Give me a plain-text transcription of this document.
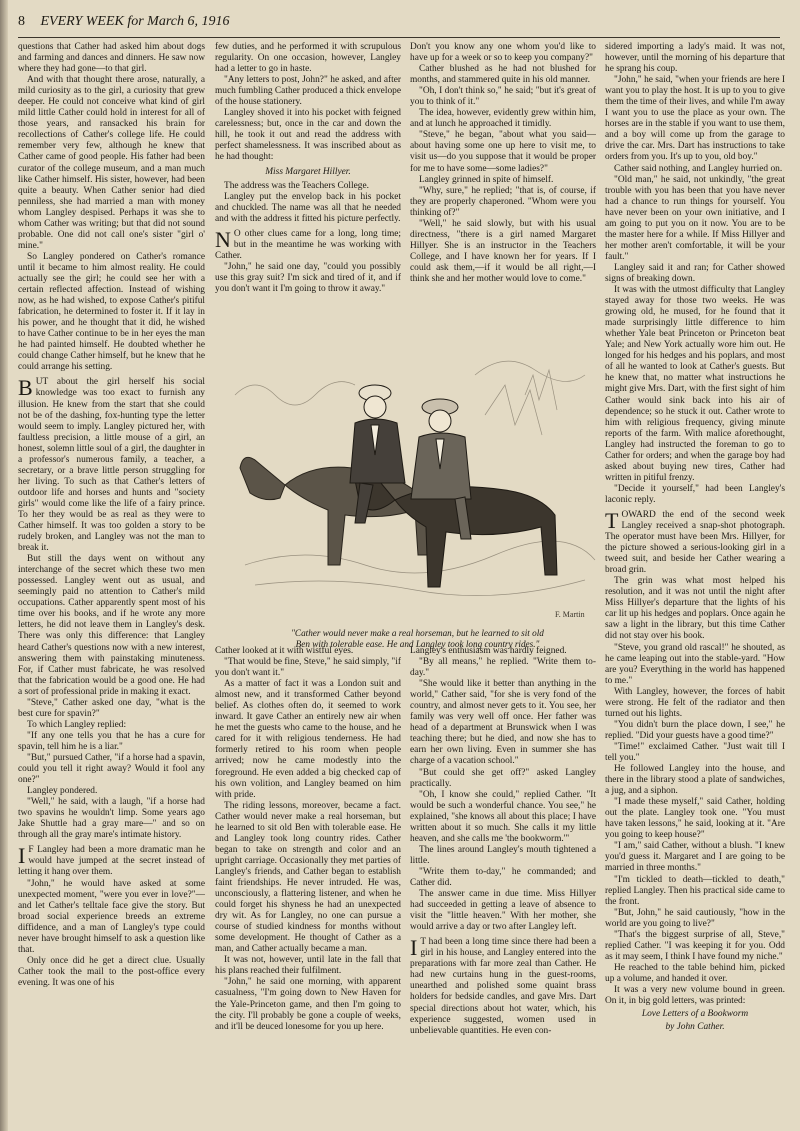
8 EVERY WEEK for March 6, 1916

questions that Cather had asked him about dogs and farming and dances and dinners. He saw now where they had gone—to that girl.

And with that thought there arose, naturally, a mild curiosity as to the girl, a curiosity that grew deeper. He could not conceive what kind of girl mild little Cather could hold in interest for all of those years, and ransacked his brain for recollections of Cather's college life. He could remember very few, although he knew that Cather came of good people. His father had been curator of the college museum, and a man much like Cather himself. His sister, however, had been quite a beauty. When Cather senior had died penniless, she had married a man with money whom Langley despised. Perhaps it was she to whom Cather was writing; but that did not sound probable. One did not call one's sister "girl o' mine."

So Langley pondered on Cather's romance until it became to him almost reality. He could actually see the girl; he could see her with a certain reflected affection. Instead of wishing now, as he had wished, to expose Cather's pitiful fabrication, he determined to foster it. If it lay in his power, and he thought that it did, he wished to have Cather continue to be in her eyes the man he had painted himself. He doubted whether he could change Cather himself, but he knew that he could arrange his setting.

BUT about the girl herself his social knowledge was too exact to furnish any illusion. He knew from the start that she could not be of the dashing, fox-hunting type the letter would seem to imply. Langley pictured her, with faultless precision, a little mouse of a girl, an honest, solemn little soul of a girl, the daughter in a professor's numerous family, a teacher, a secretary, or a brave little person struggling for her living. To such as that Cather's letters of outdoor life and horses and hunts and "society girls" would come like the life of a fairy prince. To her they would be as real as they were to Cather himself. It was too golden a story to be rudely broken, and Langley was not the man to break it.

But still the days went on without any interchange of the secret which these two men possessed. Langley went out as usual, and seemingly paid no attention to Cather's mild occupations. Cather apparently spent most of his time over his books, and if he wrote any more letters, he did not leave them in Langley's desk. There was only this difference: that Langley heard Cather's questions now with a new interest, answering them with painstaking minuteness. For, if Cather must fabricate, he was resolved that the fabrication would be a good one. He had a sort of professional pride in making it exact.

"Steve," Cather asked one day, "what is the best cure for spavin?"

To which Langley replied:

"If any one tells you that he has a cure for spavin, tell him he is a liar."

"But," pursued Cather, "if a horse had a spavin, could you tell it right away? Would it fool any one?"

Langley pondered.

"Well," he said, with a laugh, "if a horse had two spavins he wouldn't limp. Some years ago Jake Shuttle had a gray mare—" and so on through all the gray mare's intimate history.

I F Langley had been a more dramatic man he would have jumped at the secret instead of letting it hang over them.

"John," he would have asked at some unexpected moment, "were you ever in love?"—and let Cather's telltale face give the story. But broad social experience breeds an extreme diffidence, and a man of Langley's type could never have brought himself to ask a question like that.

Only once did he get a direct clue. Usually Cather took the mail to the post-office every evening. It was one of his

few duties, and he performed it with scrupulous regularity. On one occasion, however, Langley had a letter to go in haste.

"Any letters to post, John?" he asked, and after much fumbling Cather produced a thick envelope of the house stationery.

Langley shoved it into his pocket with feigned carelessness; but, once in the car and down the hill, he took it out and read the address with perfect shamelessness. It was inscribed about as he had thought:

Miss Margaret Hillyer.

The address was the Teachers College.

Langley put the envelop back in his pocket and chuckled. The name was all that he needed and with the address it fitted his picture perfectly.

N O other clues came for a long, long time; but in the meantime he was working with Cather.

"John," he said one day, "could you possibly use this gray suit? I'm sick and tired of it, and if you don't want it I'm going to throw it away."

Don't you know any one whom you'd like to have up for a week or so to keep you company?"

Cather blushed as he had not blushed for months, and stammered quite in his old manner.

"Oh, I don't think so," he said; "but it's great of you to think of it."

The idea, however, evidently grew within him, and at lunch he approached it timidly.

"Steve," he began, "about what you said—about having some one up here to visit me, to visit us—do you suppose that it would be proper for me to have some—some ladies?"

Langley grinned in spite of himself.

"Why, sure," he replied; "that is, of course, if they are properly chaperoned. "Whom were you thinking of?"

"Well," he said slowly, but with his usual directness, "there is a girl named Margaret Hillyer. She is an instructor in the Teachers College, and I have known her for years. If I could ask them,—if it would be all right,—I think she and her mother would love to come."

F. Martin
"Cather would never make a real horseman, but he learned to sit old
Ben with tolerable ease. He and Langley took long country rides."

Cather looked at it with wistful eyes.

"That would be fine, Steve," he said simply, "if you don't want it."

As a matter of fact it was a London suit and almost new, and it transformed Cather beyond belief. As clothes often do, it seemed to work inward. It gave Cather an entirely new air when he met the guests who came to the house, and he cared for it with religious tenderness. He had formerly retired to his room when people arrived; now he came modestly into the foreground. He even added a big checked cap of his own volition, and Langley beamed on him with pride.

The riding lessons, moreover, became a fact. Cather would never make a real horseman, but he learned to sit old Ben with tolerable ease. He and Langley took long country rides. Cather began to take on strength and color and an upright carriage. Occasionally they met parties of Langley's friends, and Cather began to establish faint friendships. He never intruded. He was, unconsciously, a flattering listener, and when he could forget his shyness he had an unexpected dry wit. As for Langley, no one can pursue a course of studied kindness for months without some development. He thought of Cather as a man, and Cather actually became a man.

It was not, however, until late in the fall that his plans reached their fulfilment.

"John," he said one morning, with apparent casualness, "I'm going down to New Haven for the Yale-Princeton game, and then I'm going to the city. I'll probably be gone a couple of weeks, and it'll be deuced lonesome for you up here.

Langley's enthusiasm was hardly feigned.

"By all means," he replied. "Write them to-day."

"She would like it better than anything in the world," Cather said, "for she is very fond of the country, and almost never gets to it. You see, her family was very well off once. Her father was head of a department at Brunswick when I was teaching there; but he died, and now she has to earn her own living. Even in summer she has charge of a vacation school."

"But could she get off?" asked Langley practically.

"Oh, I know she could," replied Cather. "It would be such a wonderful chance. You see," he explained, "she knows all about this place; I have written about it so much. She calls it my little heaven, and she calls me 'the bookworm.'"

The lines around Langley's mouth tightened a little.

"Write them to-day," he commanded; and Cather did.

The answer came in due time. Miss Hillyer had succeeded in getting a leave of absence to visit the "little heaven." With her mother, she would arrive a day or two after Langley left.

I T had been a long time since there had been a girl in his house, and Langley entered into the preparations with far more zeal than Cather. He had new curtains hung in the guest-rooms, unearthed and polished some quaint brass holders for bedside candles, and gave Mrs. Dart special directions about hot water, which, his experience suggested, women used in unbelievable quantities. He even con-

sidered importing a lady's maid. It was not, however, until the morning of his departure that he sprang his coup.

"John," he said, "when your friends are here I want you to play the host. It is up to you to give them the time of their lives, and while I'm away I want you to use the place as your own. The horses are in the stable if you want to use them, and a boy will come up from the garage to drive the car. Mrs. Dart has instructions to take orders from you. It's up to you, old boy."

Cather said nothing, and Langley hurried on.

"Old man," he said, not unkindly, "the great trouble with you has been that you have never had a chance to run things for yourself. You have never been on your own initiative, and I am going to put you on it now. You are to be the master here for a while. If Miss Hillyer and her mother aren't comfortable, it will be your fault."

Langley said it and ran; for Cather showed signs of breaking down.

It was with the utmost difficulty that Langley stayed away for those two weeks. He was growing old, he mused, for he found that it made surprisingly little difference to him whether Yale beat Princeton or Princeton beat Yale; and New York actually wore him out. He longed for his hedges and his poplars, and most of all he wanted to look at Cather's guests. But he knew that, no matter what instructions he might give Mrs. Dart, with the first sight of him Cather would sink back into his air of dependence; so he stuck it out. Cather wrote to him with religious frequency, giving minute reports of the farm. With malice aforethought, Langley had instructed the foreman to go to Cather for orders; and when the garage boy had asked about buying new tires, Cather had written in pitiful frenzy.

"Decide it yourself," had been Langley's laconic reply.

TOWARD the end of the second week Langley received a snap-shot photograph. The operator must have been Mrs. Hillyer, for the picture showed a serious-looking girl in a tweed suit, and beside her Cather wearing a broad grin.

The grin was what most helped his resolution, and it was not until the night after Miss Hillyer's departure that the lights of his car lit up his hedges and poplars. Once again he saw a light in the library, but this time Cather did not stay over his book.

"Steve, you grand old rascal!" he shouted, as he came leaping out into the stable-yard. "How are you? Everything in the world has happened to me."

With Langley, however, the forces of habit were strong. He felt of the radiator and then turned out his lights.

"You didn't burn the place down, I see," he replied. "Did your guests have a good time?"

"Time!" exclaimed Cather. "Just wait till I tell you."

He followed Langley into the house, and there in the library stood a plate of sandwiches, a jug, and a siphon.

"I made these myself," said Cather, holding out the plate. Langley took one. "You must have taken lessons," he said, looking at it. "Are you going to keep house?"

"I am," said Cather, without a blush. "I knew you'd guess it. Margaret and I are going to be married in three months."

"I'm tickled to death—tickled to death," replied Langley. Then his practical side came to the front.

"But, John," he said cautiously, "how in the world are you going to live?"

"That's the biggest surprise of all, Steve," replied Cather. "I was keeping it for you. Odd as it may seem, I think I have found my niche."

He reached to the table behind him, picked up a volume, and handed it over.

It was a very new volume bound in green. On it, in big gold letters, was printed:

Love Letters of a Bookworm
by John Cather.
